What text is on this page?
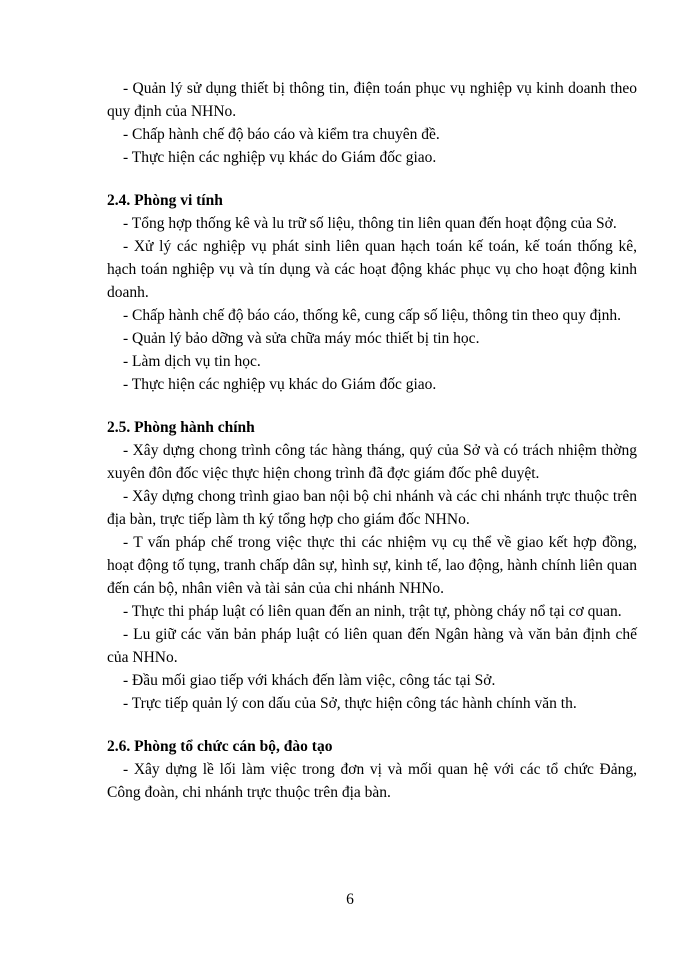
- Quản lý sử dụng thiết bị thông tin, điện toán phục vụ nghiệp vụ kinh doanh theo quy định của NHNo.

- Chấp hành chế độ báo cáo và kiểm tra chuyên đề.

- Thực hiện các nghiệp vụ khác do Giám đốc giao.

2.4. Phòng vi tính

- Tổng hợp thống kê và lu trữ số liệu, thông tin liên quan đến hoạt động của Sở.

- Xử lý các nghiệp vụ phát sinh liên quan hạch toán kế toán, kế toán thống kê, hạch toán nghiệp vụ và tín dụng và các hoạt động khác phục vụ cho hoạt động kinh doanh.

- Chấp hành chế độ báo cáo, thống kê, cung cấp số liệu, thông tin theo quy định.

- Quản lý bảo dỡng và sửa chữa máy móc thiết bị tin học.

- Làm dịch vụ tin học.

- Thực hiện các nghiệp vụ khác do Giám đốc giao.

2.5. Phòng hành chính

- Xây dựng chong trình công tác hàng tháng, quý của Sở và có trách nhiệm thờng xuyên đôn đốc việc thực hiện chong trình đã đợc giám đốc phê duyệt.

- Xây dựng chong trình giao ban nội bộ chi nhánh và các chi nhánh trực thuộc trên địa bàn, trực tiếp làm th ký tổng hợp cho giám đốc NHNo.

- T vấn pháp chế trong việc thực thi các nhiệm vụ cụ thể về giao kết hợp đồng, hoạt động tố tụng, tranh chấp dân sự, hình sự, kinh tế, lao động, hành chính liên quan đến cán bộ, nhân viên và tài sản của chi nhánh NHNo.

- Thực thi pháp luật có liên quan đến an ninh, trật tự, phòng cháy nổ tại cơ quan.

- Lu giữ các văn bản pháp luật có liên quan đến Ngân hàng và văn bản định chế của NHNo.

- Đầu mối giao tiếp với khách đến làm việc, công tác tại Sở.

- Trực tiếp quản lý con dấu của Sở, thực hiện công tác hành chính văn th.

2.6. Phòng tổ chức cán bộ, đào tạo

- Xây dựng lề lối làm việc trong đơn vị và mối quan hệ với các tổ chức Đảng, Công đoàn, chi nhánh trực thuộc trên địa bàn.

6
